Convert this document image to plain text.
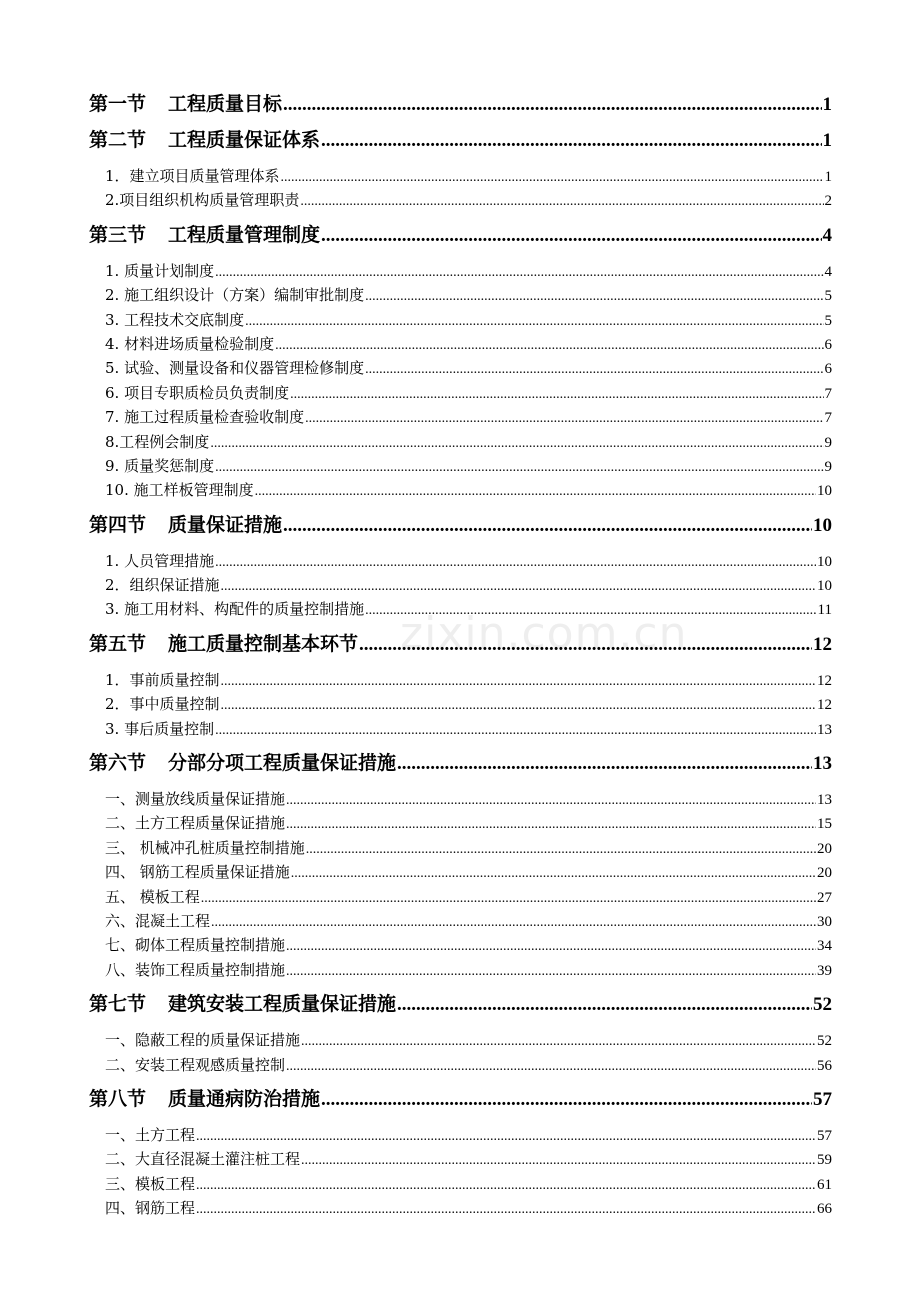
zixin.com.cn
第一节 工程质量目标 .....	1
第二节 工程质量保证体系 .....	1
1．建立项目质量管理体系 .....	1
2.项目组织机构质量管理职责 .....	2
第三节 工程质量管理制度 .....	4
1. 质量计划制度 .....	4
2. 施工组织设计（方案）编制审批制度 .....	5
3. 工程技术交底制度 .....	5
4. 材料进场质量检验制度 .....	6
5. 试验、测量设备和仪器管理检修制度 .....	6
6. 项目专职质检员负责制度 .....	7
7. 施工过程质量检查验收制度 .....	7
8.工程例会制度 .....	9
9. 质量奖惩制度 .....	9
10. 施工样板管理制度 .....	10
第四节 质量保证措施 .....	10
1. 人员管理措施 .....	10
2．组织保证措施 .....	10
3. 施工用材料、构配件的质量控制措施 .....	11
第五节 施工质量控制基本环节 .....	12
1．事前质量控制 .....	12
2．事中质量控制 .....	12
3. 事后质量控制 .....	13
第六节 分部分项工程质量保证措施 .....	13
一、测量放线质量保证措施 .....	13
二、土方工程质量保证措施 .....	15
三、 机械冲孔桩质量控制措施 .....	20
四、 钢筋工程质量保证措施 .....	20
五、 模板工程 .....	27
六、混凝土工程 .....	30
七、砌体工程质量控制措施 .....	34
八、装饰工程质量控制措施 .....	39
第七节 建筑安装工程质量保证措施 .....	52
一、隐蔽工程的质量保证措施 .....	52
二、安装工程观感质量控制 .....	56
第八节 质量通病防治措施 .....	57
一、土方工程 .....	57
二、大直径混凝土灌注桩工程 .....	59
三、模板工程 .....	61
四、钢筋工程 .....	66
